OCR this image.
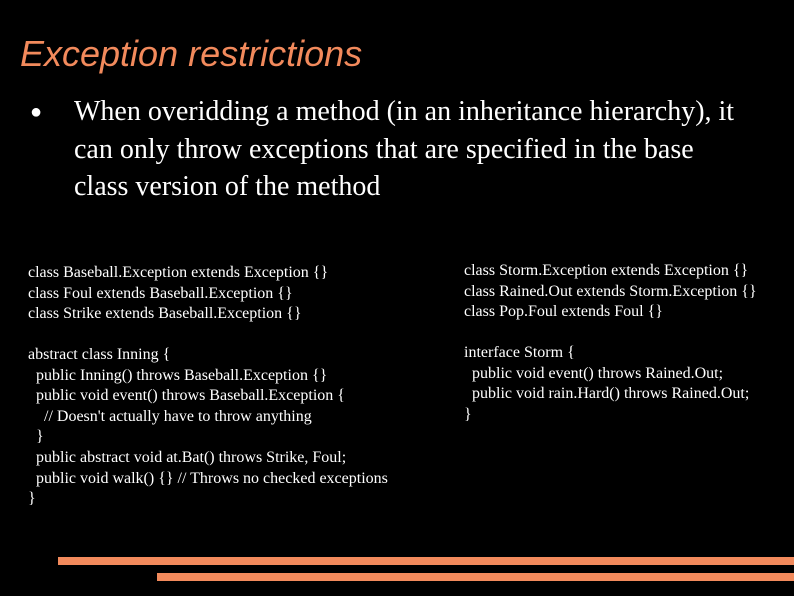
Exception restrictions
● When overidding a method (in an inheritance hierarchy), it can only throw exceptions that are specified in the base class version of the method
class Baseball.Exception extends Exception {}
class Foul extends Baseball.Exception {}
class Strike extends Baseball.Exception {}
abstract class Inning {
public Inning() throws Baseball.Exception {}
public void event() throws Baseball.Exception {
// Doesn't actually have to throw anything
}
public abstract void at.Bat() throws Strike, Foul;
public void walk() {} // Throws no checked exceptions
}
class Storm.Exception extends Exception {}
class Rained.Out extends Storm.Exception {}
class Pop.Foul extends Foul {}
interface Storm {
public void event() throws Rained.Out;
public void rain.Hard() throws Rained.Out;
}
